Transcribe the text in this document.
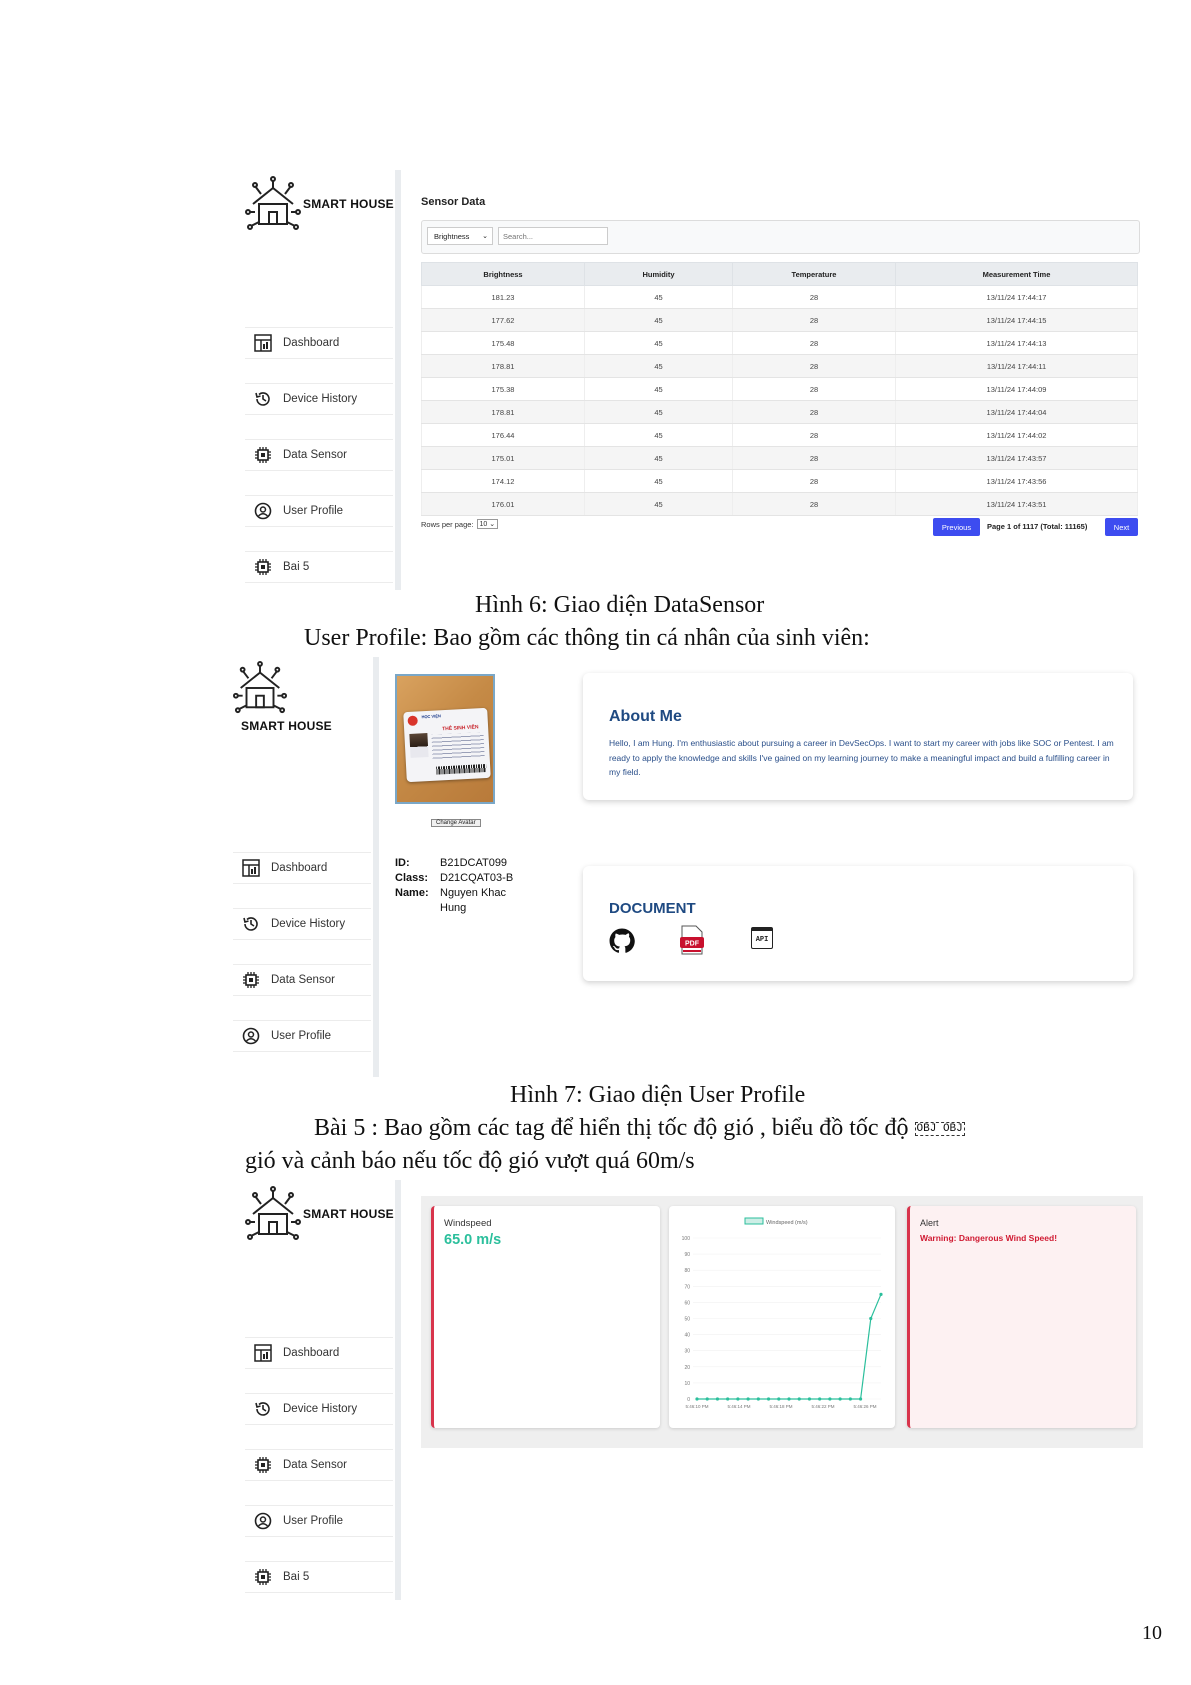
SMART HOUSE
Dashboard
Device History
Data Sensor
User Profile
Bai 5
Sensor Data
Brightness ⌄
Search...
Brightness	Humidity	Temperature	Measurement Time
181.23	45	28	13/11/24 17:44:17
177.62	45	28	13/11/24 17:44:15
175.48	45	28	13/11/24 17:44:13
178.81	45	28	13/11/24 17:44:11
175.38	45	28	13/11/24 17:44:09
178.81	45	28	13/11/24 17:44:04
176.44	45	28	13/11/24 17:44:02
175.01	45	28	13/11/24 17:43:57
174.12	45	28	13/11/24 17:43:56
176.01	45	28	13/11/24 17:43:51
Rows per page: 10 ⌄	Previous	Page 1 of 1117 (Total: 11165)	Next
Hình 6: Giao diện DataSensor
User Profile: Bao gồm các thông tin cá nhân của sinh viên:
SMART HOUSE
Dashboard
Device History
Data Sensor
User Profile
HỌC VIỆN
THẺ SINH VIÊN
Change Avatar
ID:	B21DCAT099
Class:	D21CQAT03-B
Name:	Nguyen Khac Hung
About Me
Hello, I am Hung. I'm enthusiastic about pursuing a career in DevSecOps. I want to start my career with jobs like SOC or Pentest. I am ready to apply the knowledge and skills I've gained on my learning journey to make a meaningful impact and build a fulfilling career in my field.
DOCUMENT
PDF
API
Hình 7: Giao diện User Profile
Bài 5 : Bao gồm các tag để hiển thị tốc độ gió , biểu đồ tốc độ OBJ OBJ
gió và cảnh báo nếu tốc độ gió vượt quá 60m/s
SMART HOUSE
Dashboard
Device History
Data Sensor
User Profile
Bai 5
Windspeed
65.0 m/s
Windspeed (m/s)
0
10
20
30
40
50
60
70
80
90
100
5:46:10 PM	5:46:14 PM	5:46:18 PM	5:46:22 PM	5:46:26 PM
Alert
Warning: Dangerous Wind Speed!
10
